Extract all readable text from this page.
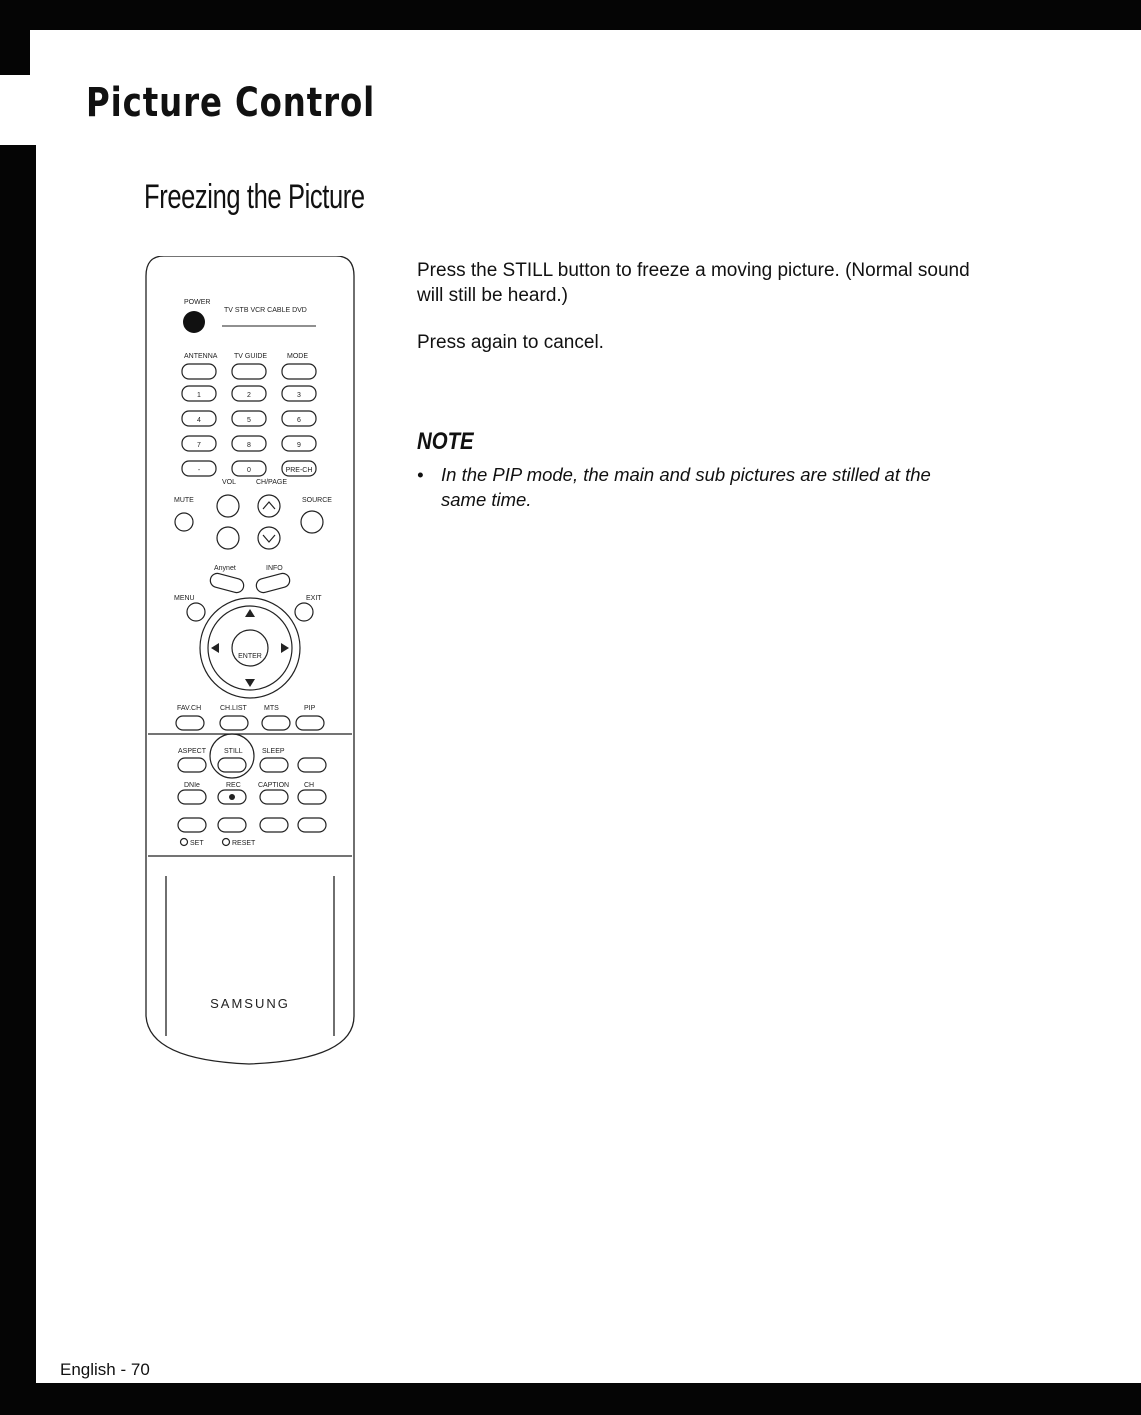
Picture Control
Freezing the Picture
Press the STILL button to freeze a moving picture. (Normal sound will still be heard.)
Press again to cancel.
NOTE
• In the PIP mode, the main and sub pictures are stilled at the same time.
English - 70
POWER
TV STB VCR CABLE DVD
ANTENNA TV GUIDE	MODE
1	2	3
4	5	6
7	8	9
-	0	PRE-CH
VOL	CH/PAGE
MUTE	SOURCE
Anynet	INFO
MENU	EXIT
ENTER
FAV.CH	CH.LIST MTS	PIP
ASPECT	STILL	SLEEP
DNIe	REC CAPTION CH
SET	RESET
SAMSUNG
